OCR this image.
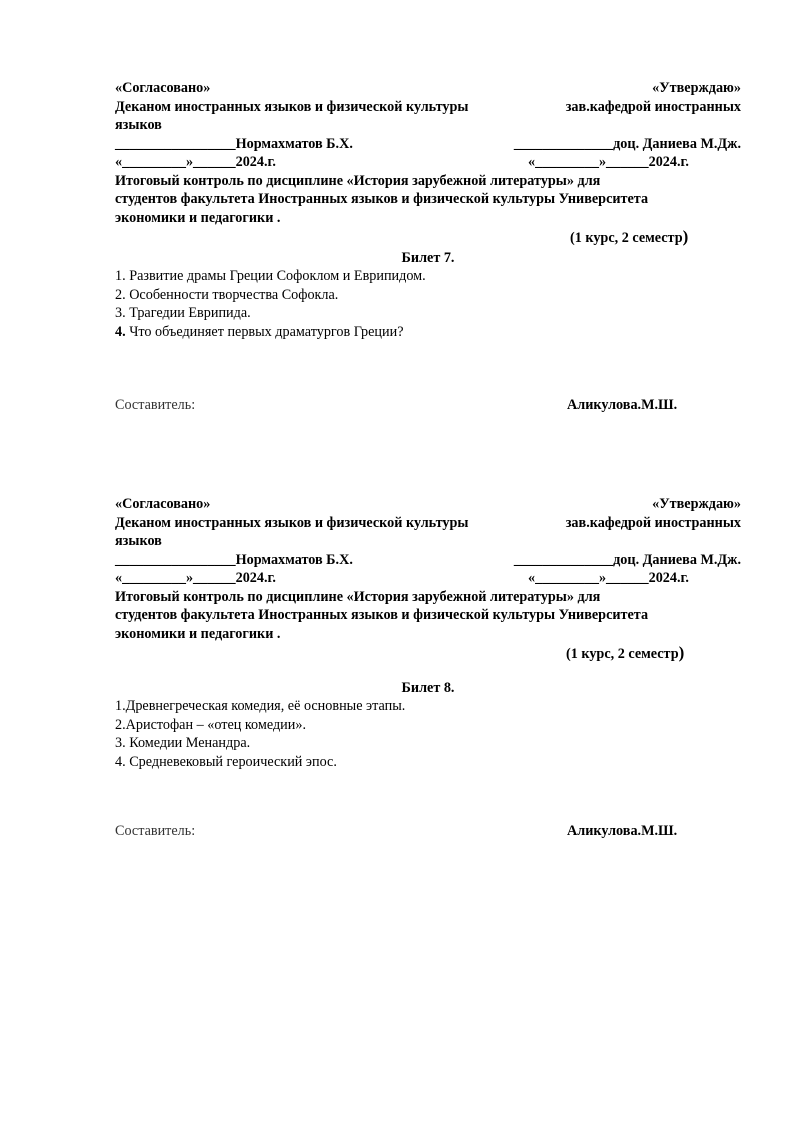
«Согласовано»	«Утверждаю»
Деканом иностранных языков и физической культуры	зав.кафедрой иностранных
языков
_________________Нормахматов Б.Х.	______________доц. Даниева М.Дж.
«_________»______2024.г.	«_________»______2024.г.
Итоговый контроль по дисциплине «История зарубежной литературы» для
студентов факультета Иностранных языков и физической культуры Университета
экономики и педагогики .
(1 курс, 2 семестр)
Билет 7.
1. Развитие драмы Греции Софоклом и Еврипидом.
2. Особенности творчества Софокла.
3. Трагедии Еврипида.
4. Что объединяет первых драматургов Греции?
Составитель:	Аликулова.М.Ш.
«Согласовано»	«Утверждаю»
Деканом иностранных языков и физической культуры	зав.кафедрой иностранных
языков
_________________Нормахматов Б.Х.	______________доц. Даниева М.Дж.
«_________»______2024.г.	«_________»______2024.г.
Итоговый контроль по дисциплине «История зарубежной литературы» для
студентов факультета Иностранных языков и физической культуры Университета
экономики и педагогики .
(1 курс, 2 семестр)
Билет 8.
1.Древнегреческая комедия, её основные этапы.
2.Аристофан – «отец комедии».
3. Комедии Менандра.
4. Средневековый героический эпос.
Составитель:	Аликулова.М.Ш.
